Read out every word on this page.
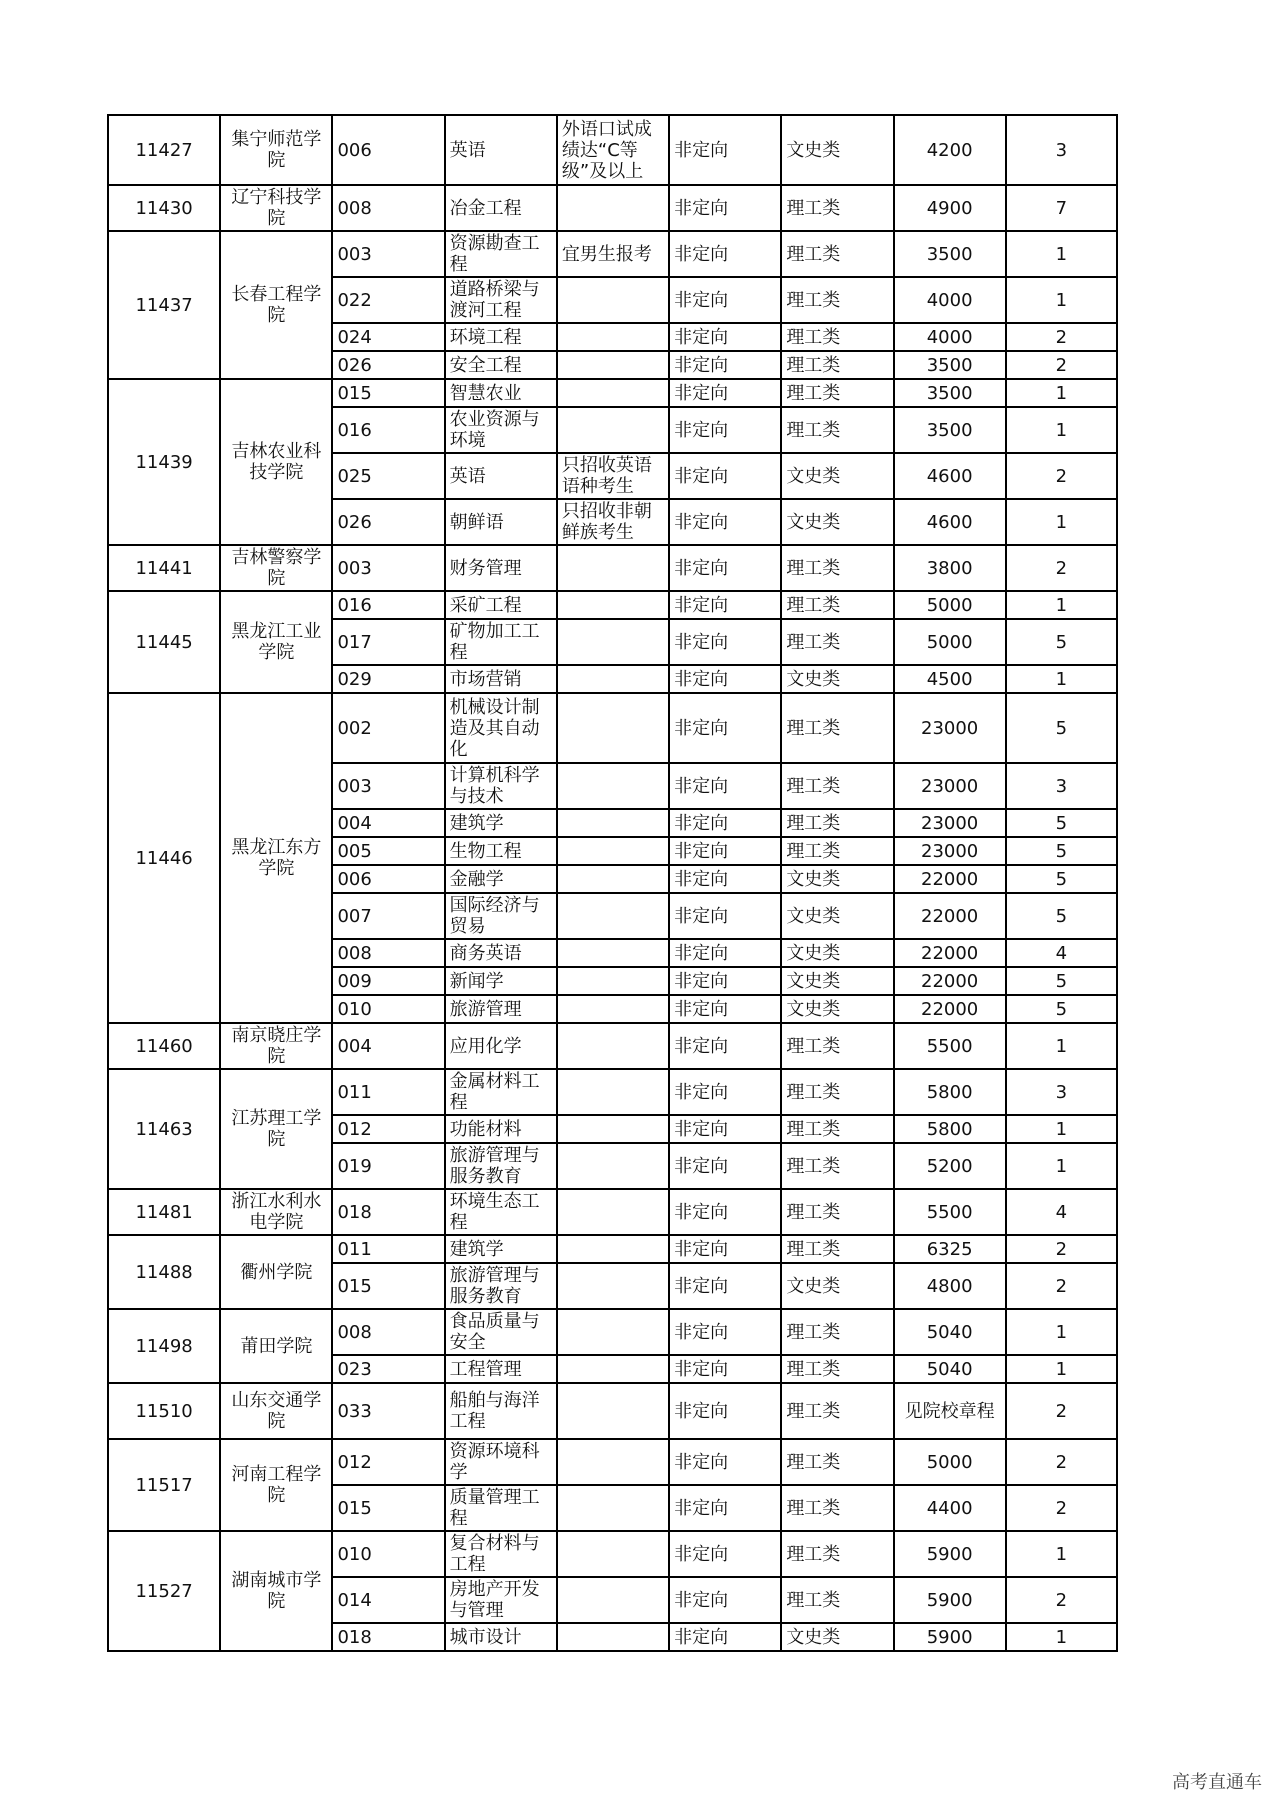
11427	集宁师范学院	006	英语	外语口试成绩达“C等级”及以上	非定向	文史类	4200	3
11430	辽宁科技学院	008	冶金工程		非定向	理工类	4900	7
11437	长春工程学院	003	资源勘查工程	宜男生报考	非定向	理工类	3500	1
		022	道路桥梁与渡河工程		非定向	理工类	4000	1
		024	环境工程		非定向	理工类	4000	2
		026	安全工程		非定向	理工类	3500	2
11439	吉林农业科技学院	015	智慧农业		非定向	理工类	3500	1
		016	农业资源与环境		非定向	理工类	3500	1
		025	英语	只招收英语语种考生	非定向	文史类	4600	2
		026	朝鲜语	只招收非朝鲜族考生	非定向	文史类	4600	1
11441	吉林警察学院	003	财务管理		非定向	理工类	3800	2
11445	黑龙江工业学院	016	采矿工程		非定向	理工类	5000	1
		017	矿物加工工程		非定向	理工类	5000	5
		029	市场营销		非定向	文史类	4500	1
11446	黑龙江东方学院	002	机械设计制造及其自动化		非定向	理工类	23000	5
		003	计算机科学与技术		非定向	理工类	23000	3
		004	建筑学		非定向	理工类	23000	5
		005	生物工程		非定向	理工类	23000	5
		006	金融学		非定向	文史类	22000	5
		007	国际经济与贸易		非定向	文史类	22000	5
		008	商务英语		非定向	文史类	22000	4
		009	新闻学		非定向	文史类	22000	5
		010	旅游管理		非定向	文史类	22000	5
11460	南京晓庄学院	004	应用化学		非定向	理工类	5500	1
11463	江苏理工学院	011	金属材料工程		非定向	理工类	5800	3
		012	功能材料		非定向	理工类	5800	1
		019	旅游管理与服务教育		非定向	理工类	5200	1
11481	浙江水利水电学院	018	环境生态工程		非定向	理工类	5500	4
11488	衢州学院	011	建筑学		非定向	理工类	6325	2
		015	旅游管理与服务教育		非定向	文史类	4800	2
11498	莆田学院	008	食品质量与安全		非定向	理工类	5040	1
		023	工程管理		非定向	理工类	5040	1
11510	山东交通学院	033	船舶与海洋工程		非定向	理工类	见院校章程	2
11517	河南工程学院	012	资源环境科学		非定向	理工类	5000	2
		015	质量管理工程		非定向	理工类	4400	2
11527	湖南城市学院	010	复合材料与工程		非定向	理工类	5900	1
		014	房地产开发与管理		非定向	理工类	5900	2
		018	城市设计		非定向	文史类	5900	1
高考直通车
